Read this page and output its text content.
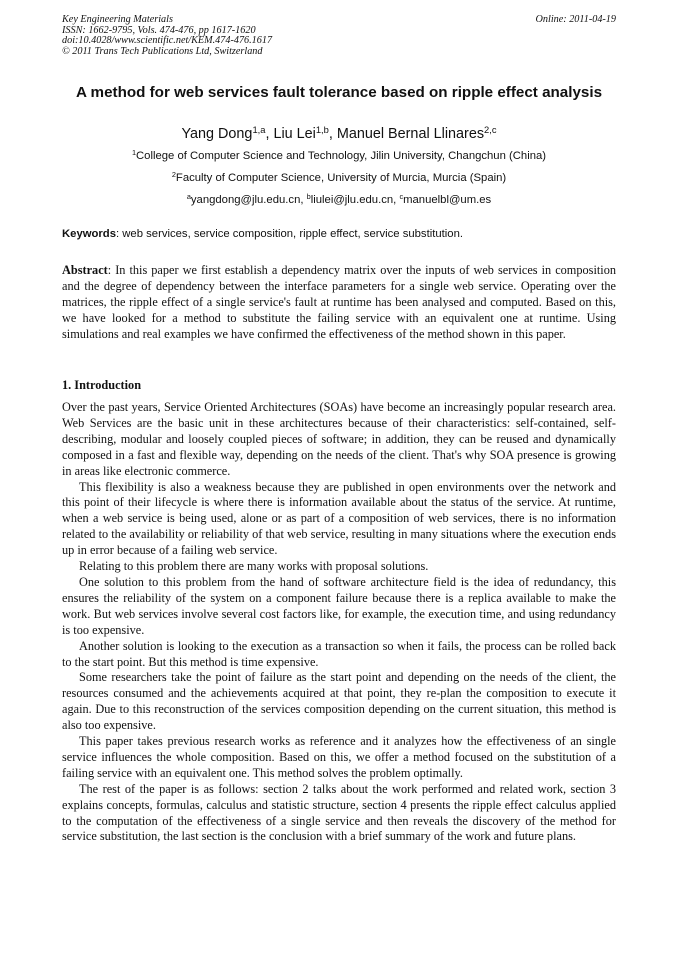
Key Engineering Materials
ISSN: 1662-9795, Vols. 474-476, pp 1617-1620
doi:10.4028/www.scientific.net/KEM.474-476.1617
© 2011 Trans Tech Publications Ltd, Switzerland
Online: 2011-04-19
A method for web services fault tolerance based on ripple effect analysis
Yang Dong$^{1,a}$, Liu Lei$^{1,b}$, Manuel Bernal Llinares$^{2,c}$
$^1$College of Computer Science and Technology, Jilin University, Changchun (China)
$^2$Faculty of Computer Science, University of Murcia, Murcia (Spain)
$^a$yangdong@jlu.edu.cn, $^b$liulei@jlu.edu.cn, $^c$manuelbl@um.es
Keywords: web services, service composition, ripple effect, service substitution.

Abstract: In this paper we first establish a dependency matrix over the inputs of web services in composition and the degree of dependency between the interface parameters for a single web service. Operating over the matrices, the ripple effect of a single service's fault at runtime has been analysed and computed. Based on this, we have looked for a method to substitute the failing service with an equivalent one at runtime. Using simulations and real examples we have confirmed the effectiveness of the method shown in this paper.

1. Introduction

Over the past years, Service Oriented Architectures (SOAs) have become an increasingly popular research area. Web Services are the basic unit in these architectures because of their characteristics: self-contained, self-describing, modular and loosely coupled pieces of software; in addition, they can be reused and dynamically composed in a fast and flexible way, depending on the needs of the client. That's why SOA presence is growing in areas like electronic commerce.

This flexibility is also a weakness because they are published in open environments over the network and this point of their lifecycle is where there is information available about the status of the service. At runtime, when a web service is being used, alone or as part of a composition of web services, there is no information related to the availability or reliability of that web service, resulting in many situations where the execution ends up in error because of a failing web service.

Relating to this problem there are many works with proposal solutions.

One solution to this problem from the hand of software architecture field is the idea of redundancy, this ensures the reliability of the system on a component failure because there is a replica available to make the work. But web services involve several cost factors like, for example, the execution time, and using redundancy is too expensive.

Another solution is looking to the execution as a transaction so when it fails, the process can be rolled back to the start point. But this method is time expensive.

Some researchers take the point of failure as the start point and depending on the needs of the client, the resources consumed and the achievements acquired at that point, they re-plan the composition to execute it again. Due to this reconstruction of the services composition depending on the current situation, this method is also too expensive.

This paper takes previous research works as reference and it analyzes how the effectiveness of an single service influences the whole composition. Based on this, we offer a method focused on the substitution of a failing service with an equivalent one. This method solves the problem optimally.

The rest of the paper is as follows: section 2 talks about the work performed and related work, section 3 explains concepts, formulas, calculus and statistic structure, section 4 presents the ripple effect calculus applied to the computation of the effectiveness of a single service and then reveals the discovery of the method for service substitution, the last section is the conclusion with a brief summary of the work and future plans.
